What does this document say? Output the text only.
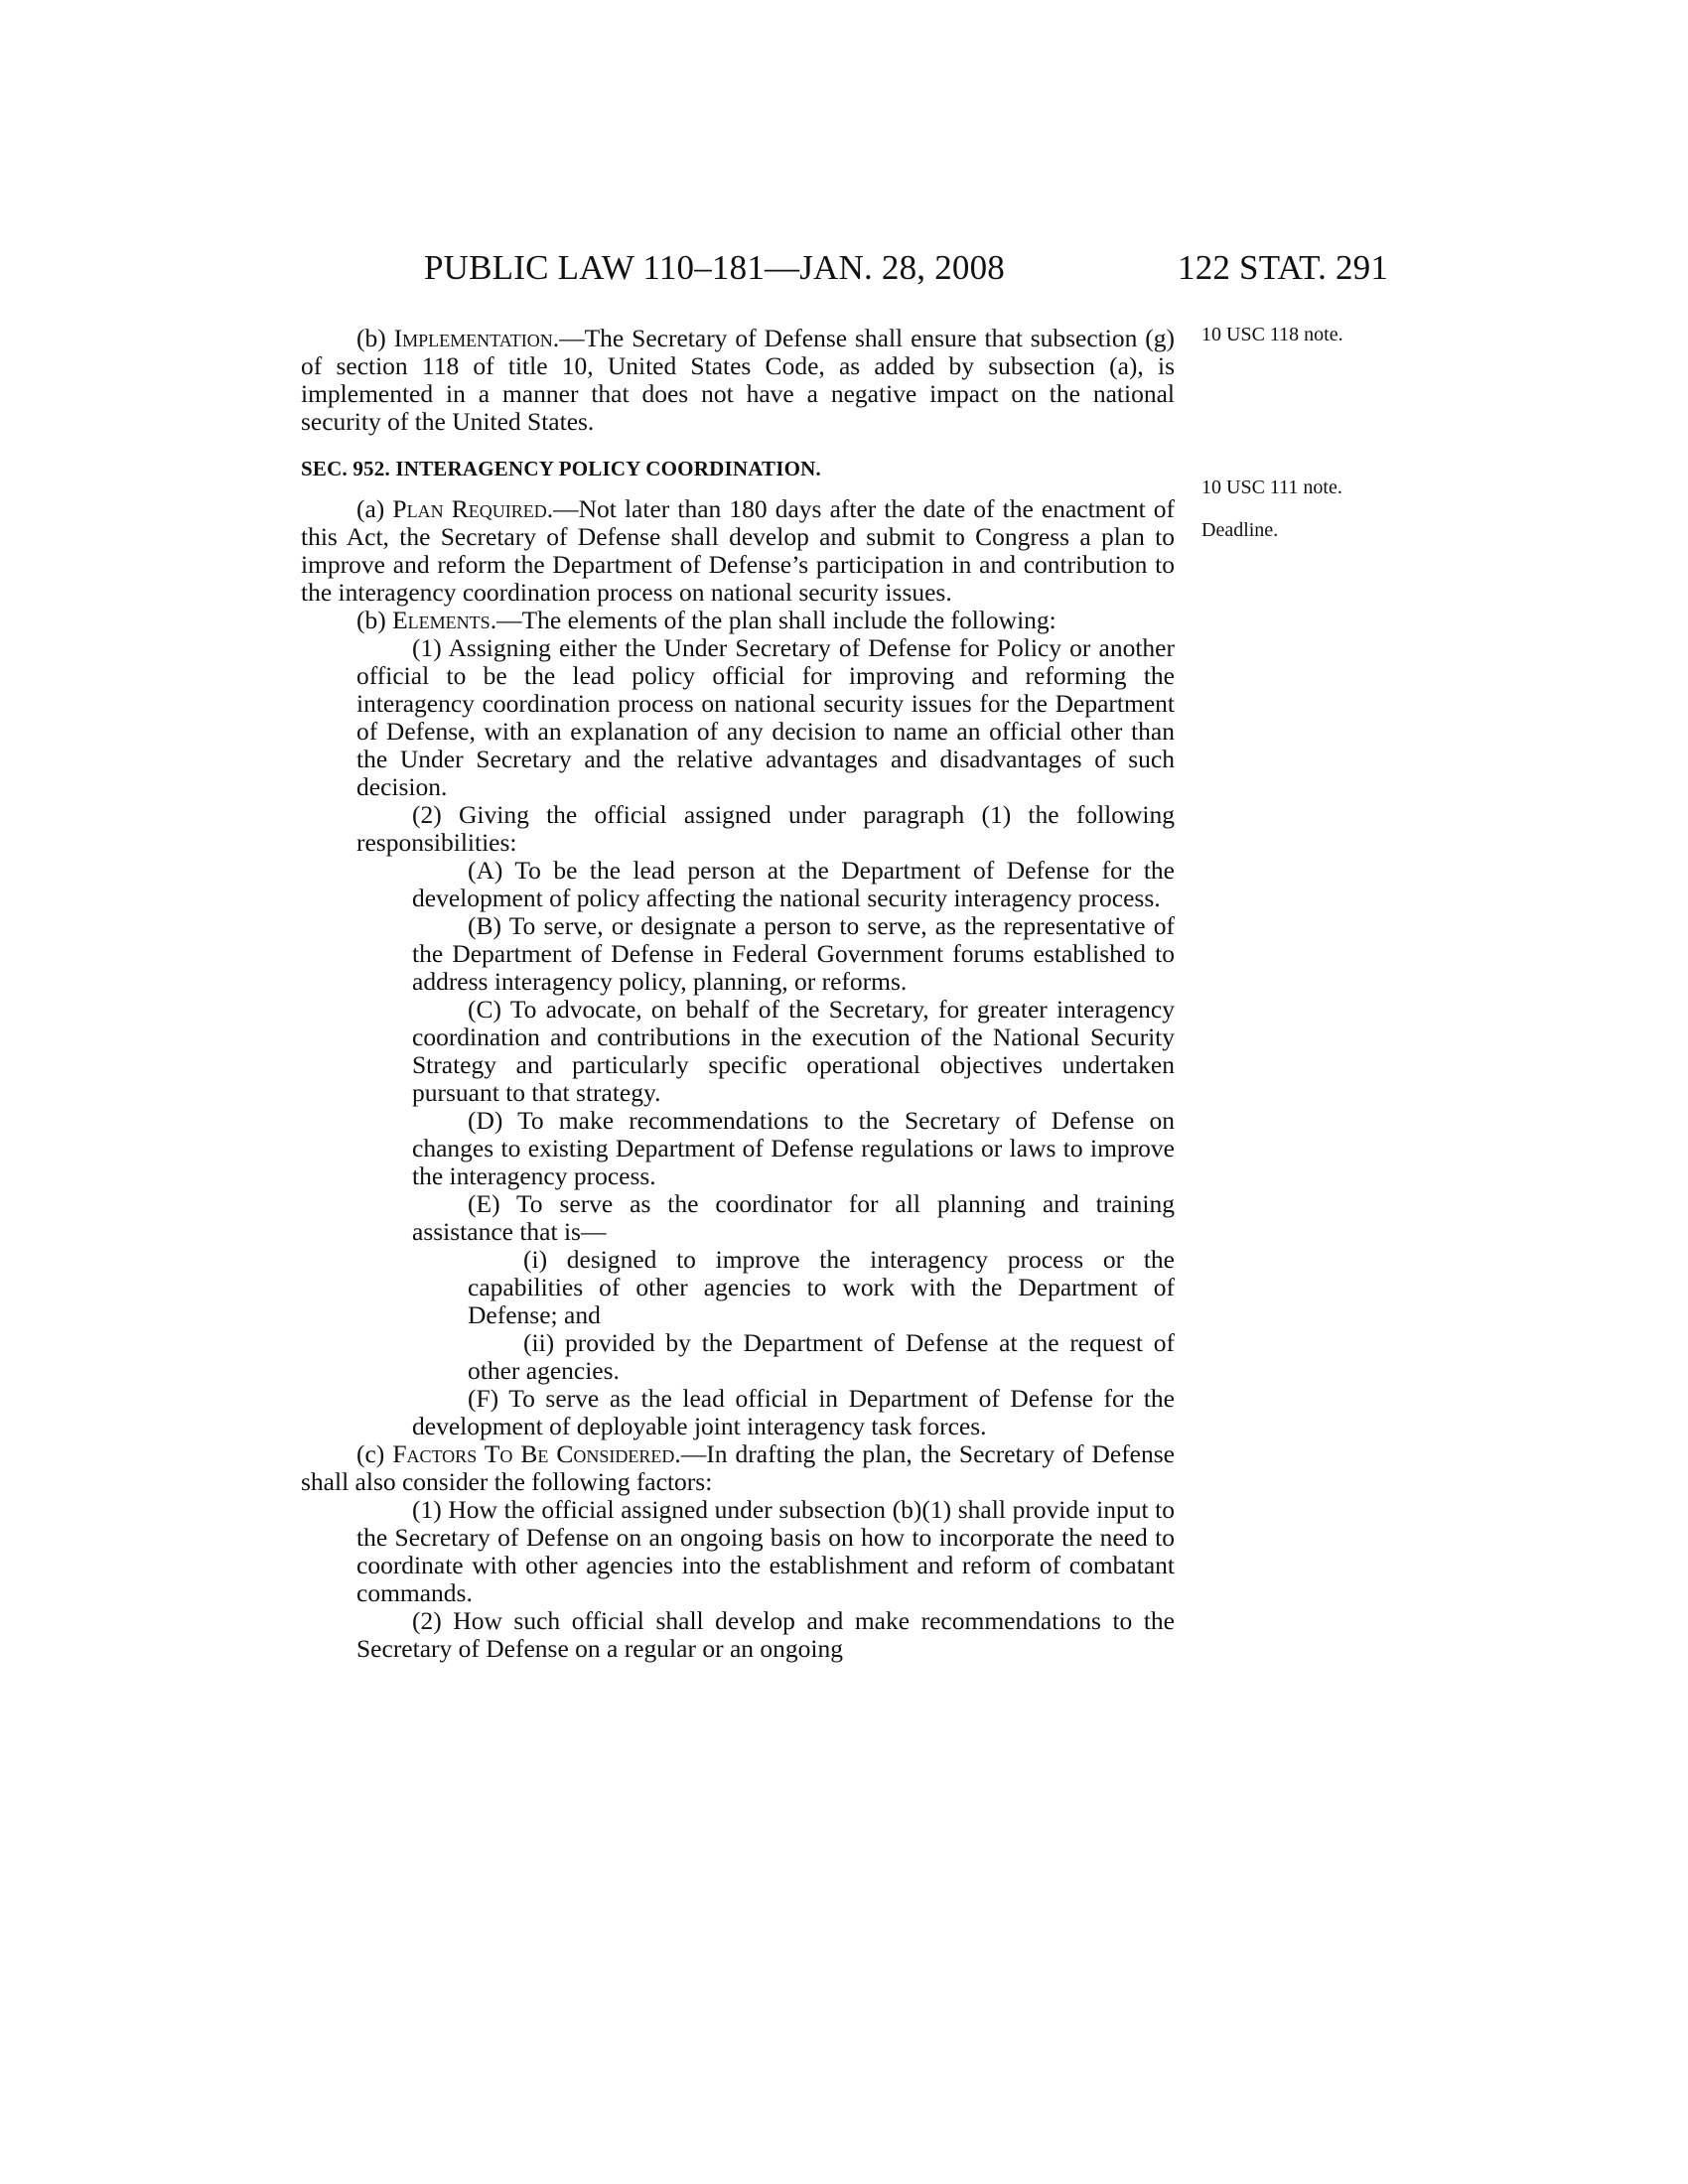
PUBLIC LAW 110–181—JAN. 28, 2008	122 STAT. 291
10 USC 118 note.
10 USC 111 note.
Deadline.

(b) Implementation.—The Secretary of Defense shall ensure that subsection (g) of section 118 of title 10, United States Code, as added by subsection (a), is implemented in a manner that does not have a negative impact on the national security of the United States.

SEC. 952. INTERAGENCY POLICY COORDINATION.

(a) Plan Required.—Not later than 180 days after the date of the enactment of this Act, the Secretary of Defense shall develop and submit to Congress a plan to improve and reform the Department of Defense’s participation in and contribution to the interagency coordination process on national security issues.

(b) Elements.—The elements of the plan shall include the following:

(1) Assigning either the Under Secretary of Defense for Policy or another official to be the lead policy official for improving and reforming the interagency coordination process on national security issues for the Department of Defense, with an explanation of any decision to name an official other than the Under Secretary and the relative advantages and disadvantages of such decision.

(2) Giving the official assigned under paragraph (1) the following responsibilities:

(A) To be the lead person at the Department of Defense for the development of policy affecting the national security interagency process.

(B) To serve, or designate a person to serve, as the representative of the Department of Defense in Federal Government forums established to address interagency policy, planning, or reforms.

(C) To advocate, on behalf of the Secretary, for greater interagency coordination and contributions in the execution of the National Security Strategy and particularly specific operational objectives undertaken pursuant to that strategy.

(D) To make recommendations to the Secretary of Defense on changes to existing Department of Defense regulations or laws to improve the interagency process.

(E) To serve as the coordinator for all planning and training assistance that is—

(i) designed to improve the interagency process or the capabilities of other agencies to work with the Department of Defense; and

(ii) provided by the Department of Defense at the request of other agencies.

(F) To serve as the lead official in Department of Defense for the development of deployable joint interagency task forces.

(c) Factors To Be Considered.—In drafting the plan, the Secretary of Defense shall also consider the following factors:

(1) How the official assigned under subsection (b)(1) shall provide input to the Secretary of Defense on an ongoing basis on how to incorporate the need to coordinate with other agencies into the establishment and reform of combatant commands.

(2) How such official shall develop and make recommendations to the Secretary of Defense on a regular or an ongoing
